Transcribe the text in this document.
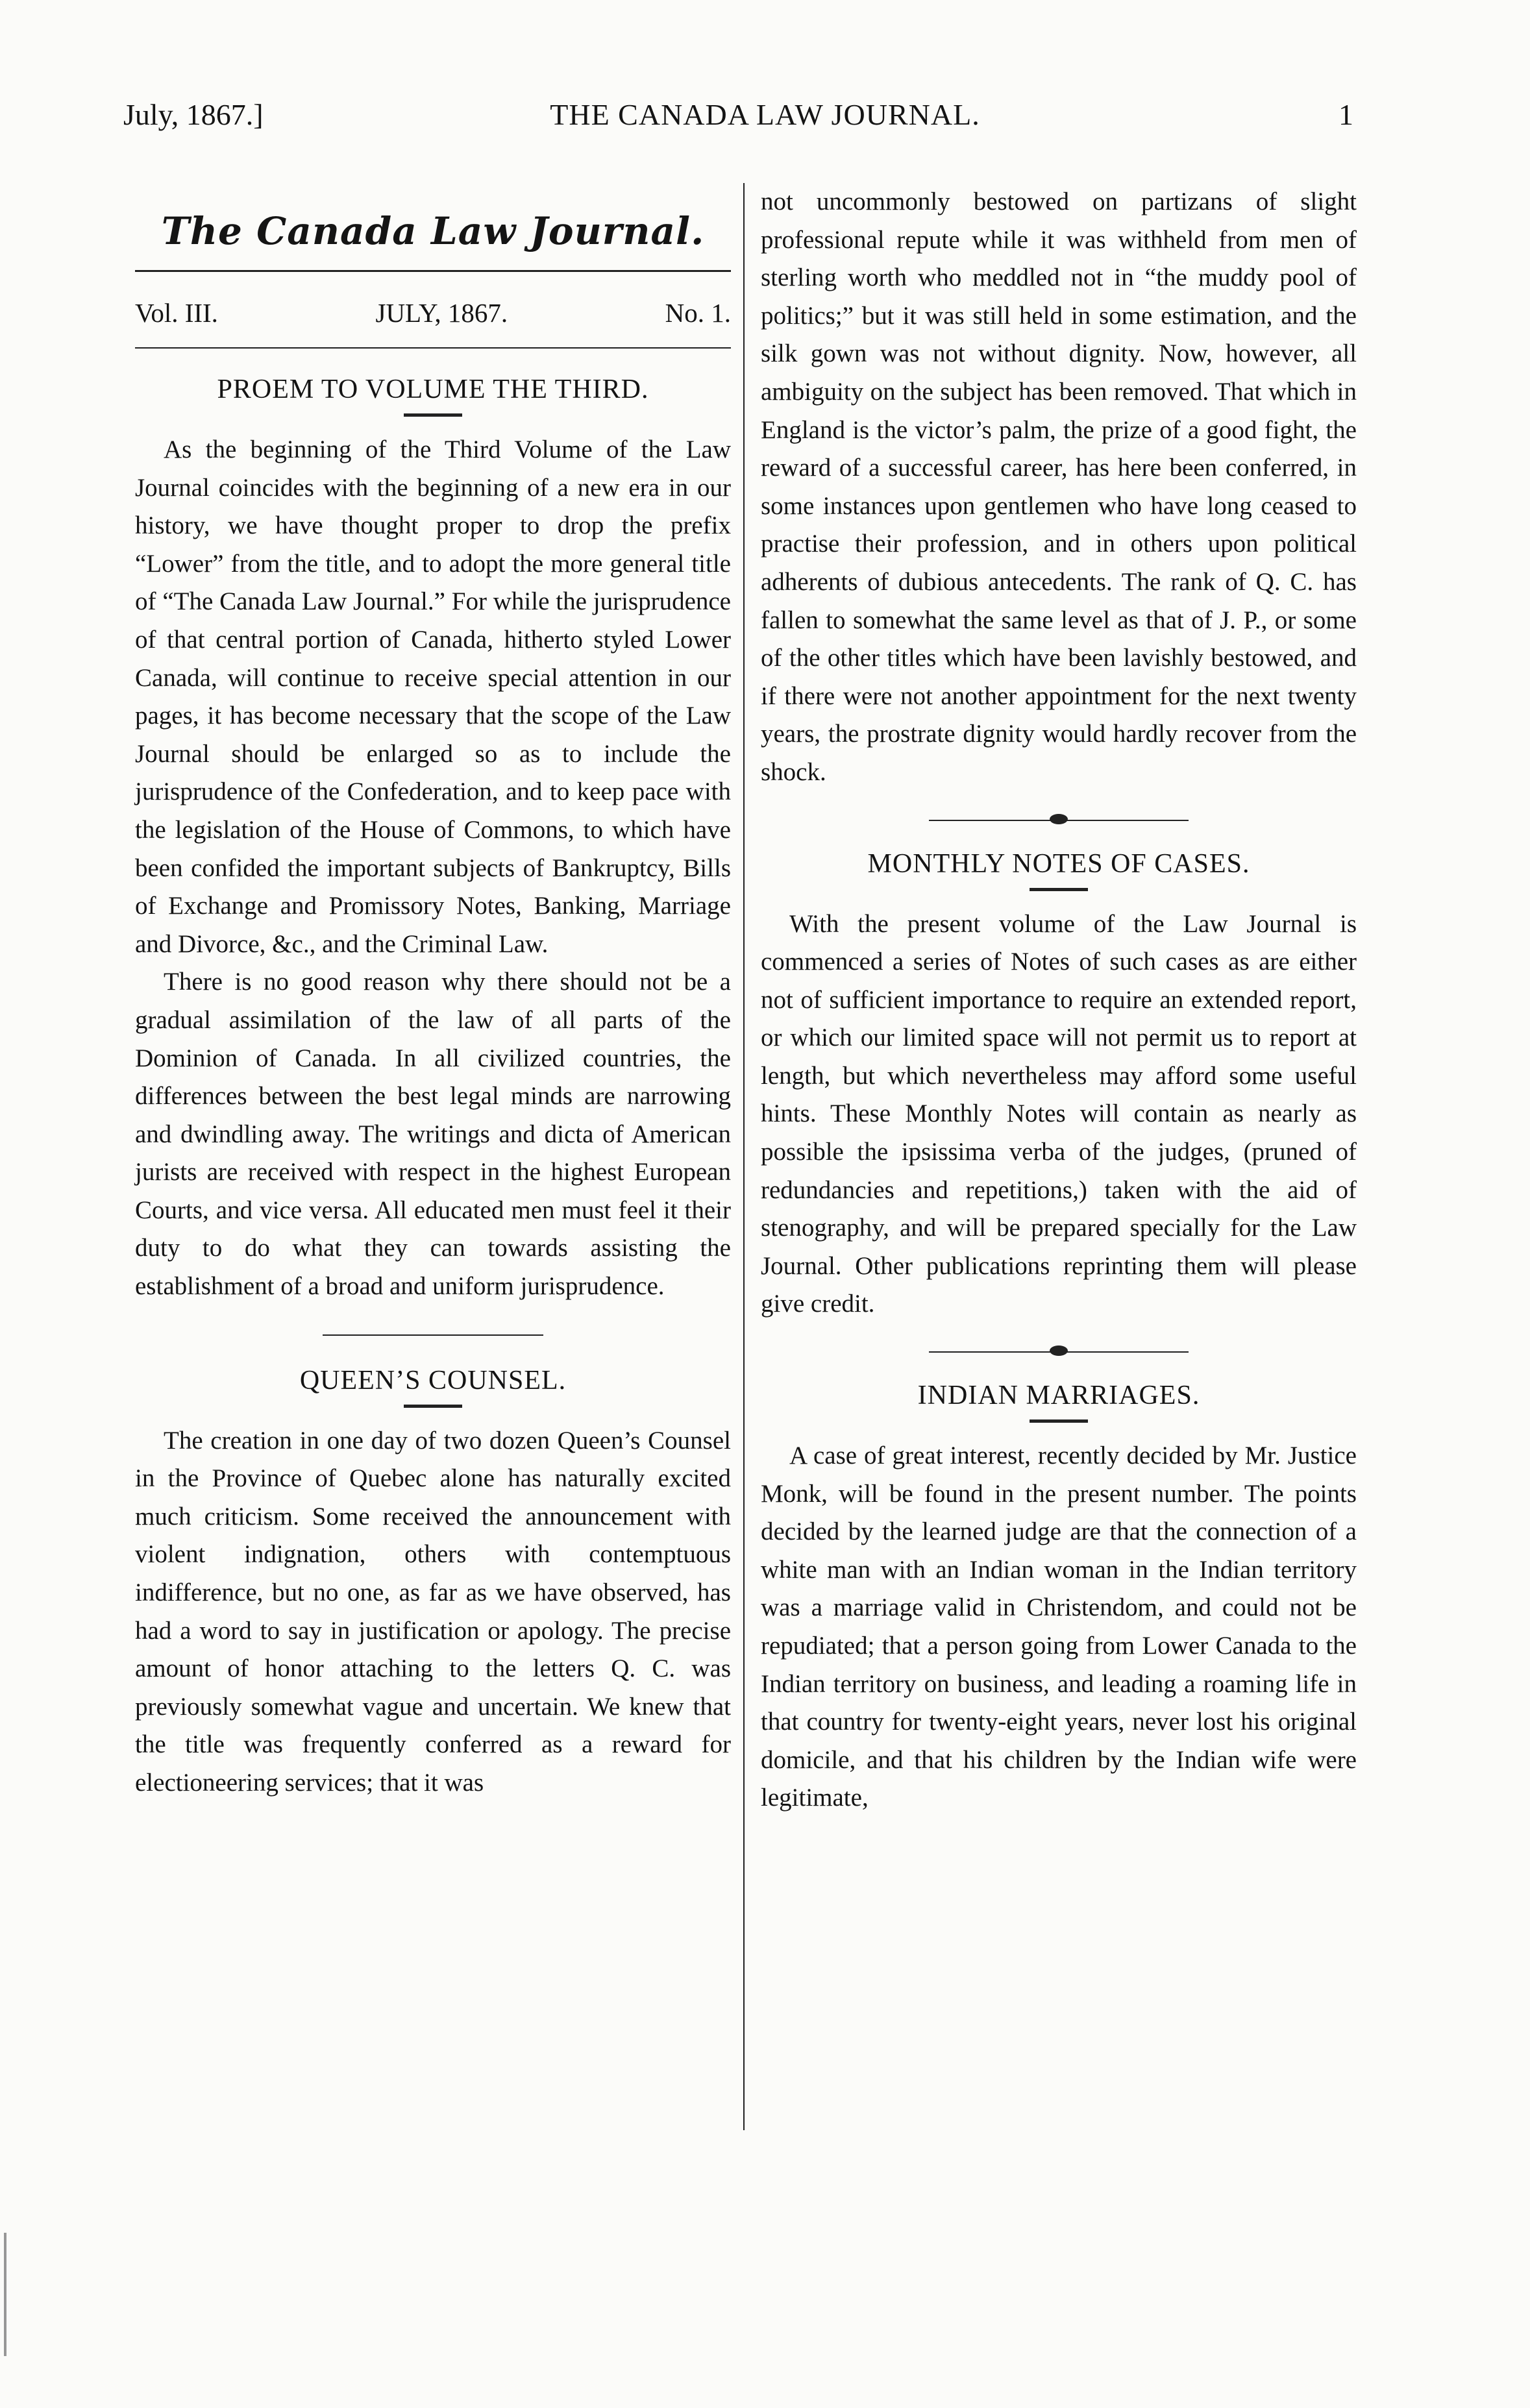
July, 1867.]	THE CANADA LAW JOURNAL.	1
The Canada Law Journal.
Vol. III.	JULY, 1867.	No. 1.
PROEM TO VOLUME THE THIRD.

As the beginning of the Third Volume of the Law Journal coincides with the beginning of a new era in our history, we have thought proper to drop the prefix “Lower” from the title, and to adopt the more general title of “The Canada Law Journal.” For while the jurisprudence of that central portion of Canada, hitherto styled Lower Canada, will continue to receive special attention in our pages, it has become necessary that the scope of the Law Journal should be enlarged so as to include the jurisprudence of the Confederation, and to keep pace with the legislation of the House of Commons, to which have been confided the important subjects of Bankruptcy, Bills of Exchange and Promissory Notes, Banking, Marriage and Divorce, &c., and the Criminal Law.

There is no good reason why there should not be a gradual assimilation of the law of all parts of the Dominion of Canada. In all civilized countries, the differences between the best legal minds are narrowing and dwindling away. The writings and dicta of American jurists are received with respect in the highest European Courts, and vice versa. All educated men must feel it their duty to do what they can towards assisting the establishment of a broad and uniform jurisprudence.

QUEEN’S COUNSEL.

The creation in one day of two dozen Queen’s Counsel in the Province of Quebec alone has naturally excited much criticism. Some received the announcement with violent indignation, others with contemptuous indifference, but no one, as far as we have observed, has had a word to say in justification or apology. The precise amount of honor attaching to the letters Q. C. was previously somewhat vague and uncertain. We knew that the title was frequently conferred as a reward for electioneering services; that it was

not uncommonly bestowed on partizans of slight professional repute while it was withheld from men of sterling worth who meddled not in “the muddy pool of politics;” but it was still held in some estimation, and the silk gown was not without dignity. Now, however, all ambiguity on the subject has been removed. That which in England is the victor’s palm, the prize of a good fight, the reward of a successful career, has here been conferred, in some instances upon gentlemen who have long ceased to practise their profession, and in others upon political adherents of dubious antecedents. The rank of Q. C. has fallen to somewhat the same level as that of J. P., or some of the other titles which have been lavishly bestowed, and if there were not another appointment for the next twenty years, the prostrate dignity would hardly recover from the shock.

MONTHLY NOTES OF CASES.

With the present volume of the Law Journal is commenced a series of Notes of such cases as are either not of sufficient importance to require an extended report, or which our limited space will not permit us to report at length, but which nevertheless may afford some useful hints. These Monthly Notes will contain as nearly as possible the ipsissima verba of the judges, (pruned of redundancies and repetitions,) taken with the aid of stenography, and will be prepared specially for the Law Journal. Other publications reprinting them will please give credit.

INDIAN MARRIAGES.

A case of great interest, recently decided by Mr. Justice Monk, will be found in the present number. The points decided by the learned judge are that the connection of a white man with an Indian woman in the Indian territory was a marriage valid in Christendom, and could not be repudiated; that a person going from Lower Canada to the Indian territory on business, and leading a roaming life in that country for twenty-eight years, never lost his original domicile, and that his children by the Indian wife were legitimate,
